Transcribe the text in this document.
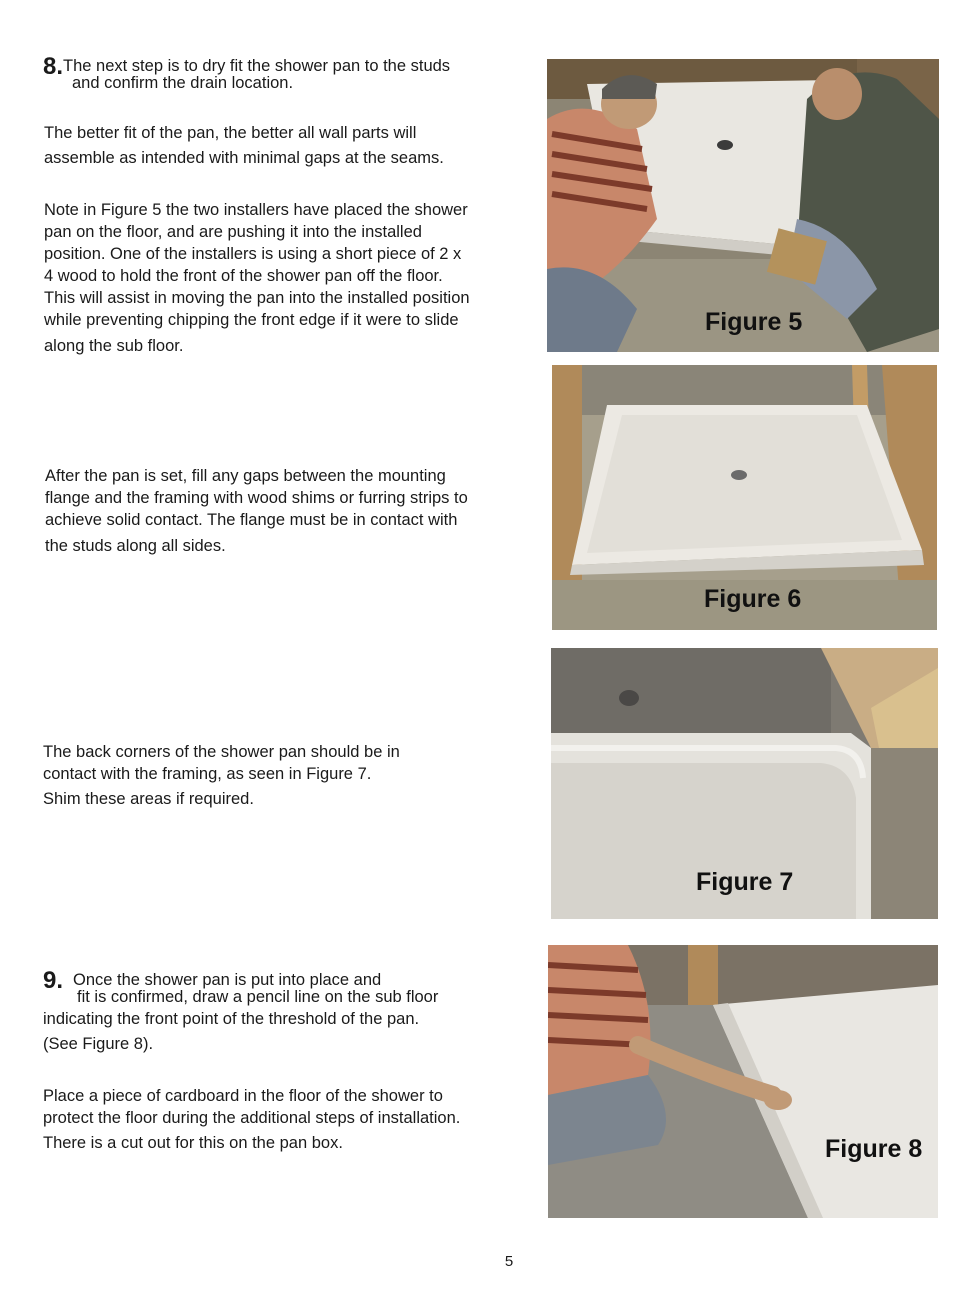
8.The next step is to dry fit the shower pan to the studs

and confirm the drain location.

The better fit of the pan, the better all wall parts will

assemble as intended with minimal gaps at the seams.

Note in Figure 5 the two installers have placed the shower

pan on the floor, and are pushing it into the installed

position. One of the installers is using a short piece of 2 x

4 wood to hold the front of the shower pan off the floor.

This will assist in moving the pan into the installed position

while preventing chipping the front edge if it were to slide

along the sub floor.

After the pan is set, fill any gaps between the mounting

flange and the framing with wood shims or furring strips to

achieve solid contact. The flange must be in contact with

the studs along all sides.

The back corners of the shower pan should be in

contact with the framing, as seen in Figure 7.

Shim these areas if required.

9. Once the shower pan is put into place and

fit is confirmed, draw a pencil line on the sub floor

indicating the front point of the threshold of the pan.

(See Figure 8).

Place a piece of cardboard in the floor of the shower to

protect the floor during the additional steps of installation.

There is a cut out for this on the pan box.

Figure 5
Figure 6
Figure 7
Figure 8
5
